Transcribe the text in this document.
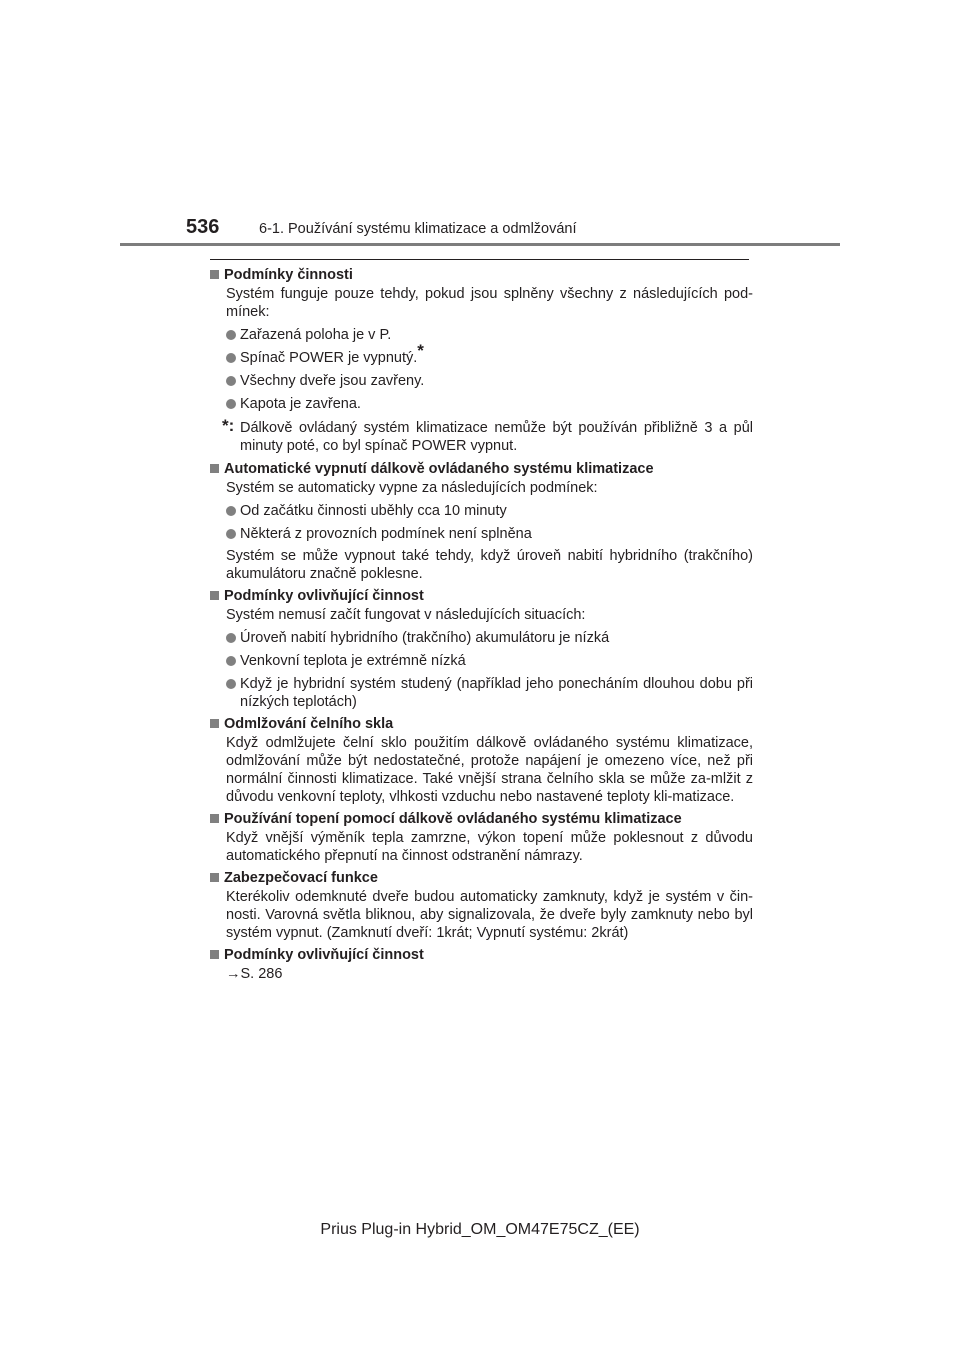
536	6-1. Používání systému klimatizace a odmlžování
Podmínky činnosti
Systém funguje pouze tehdy, pokud jsou splněny všechny z následujících pod-mínek:
Zařazená poloha je v P.
Spínač POWER je vypnutý.*
Všechny dveře jsou zavřeny.
Kapota je zavřena.
*: Dálkově ovládaný systém klimatizace nemůže být používán přibližně 3 a půl minuty poté, co byl spínač POWER vypnut.
Automatické vypnutí dálkově ovládaného systému klimatizace
Systém se automaticky vypne za následujících podmínek:
Od začátku činnosti uběhly cca 10 minuty
Některá z provozních podmínek není splněna
Systém se může vypnout také tehdy, když úroveň nabití hybridního (trakčního) akumulátoru značně poklesne.
Podmínky ovlivňující činnost
Systém nemusí začít fungovat v následujících situacích:
Úroveň nabití hybridního (trakčního) akumulátoru je nízká
Venkovní teplota je extrémně nízká
Když je hybridní systém studený (například jeho ponecháním dlouhou dobu při nízkých teplotách)
Odmlžování čelního skla
Když odmlžujete čelní sklo použitím dálkově ovládaného systému klimatizace, odmlžování může být nedostatečné, protože napájení je omezeno více, než při normální činnosti klimatizace. Také vnější strana čelního skla se může za-mlžit z důvodu venkovní teploty, vlhkosti vzduchu nebo nastavené teploty kli-matizace.
Používání topení pomocí dálkově ovládaného systému klimatizace
Když vnější výměník tepla zamrzne, výkon topení může poklesnout z důvodu automatického přepnutí na činnost odstranění námrazy.
Zabezpečovací funkce
Kterékoliv odemknuté dveře budou automaticky zamknuty, když je systém v čin-nosti. Varovná světla bliknou, aby signalizovala, že dveře byly zamknuty nebo byl systém vypnut. (Zamknutí dveří: 1krát; Vypnutí systému: 2krát)
Podmínky ovlivňující činnost
→S. 286
Prius Plug-in Hybrid_OM_OM47E75CZ_(EE)
